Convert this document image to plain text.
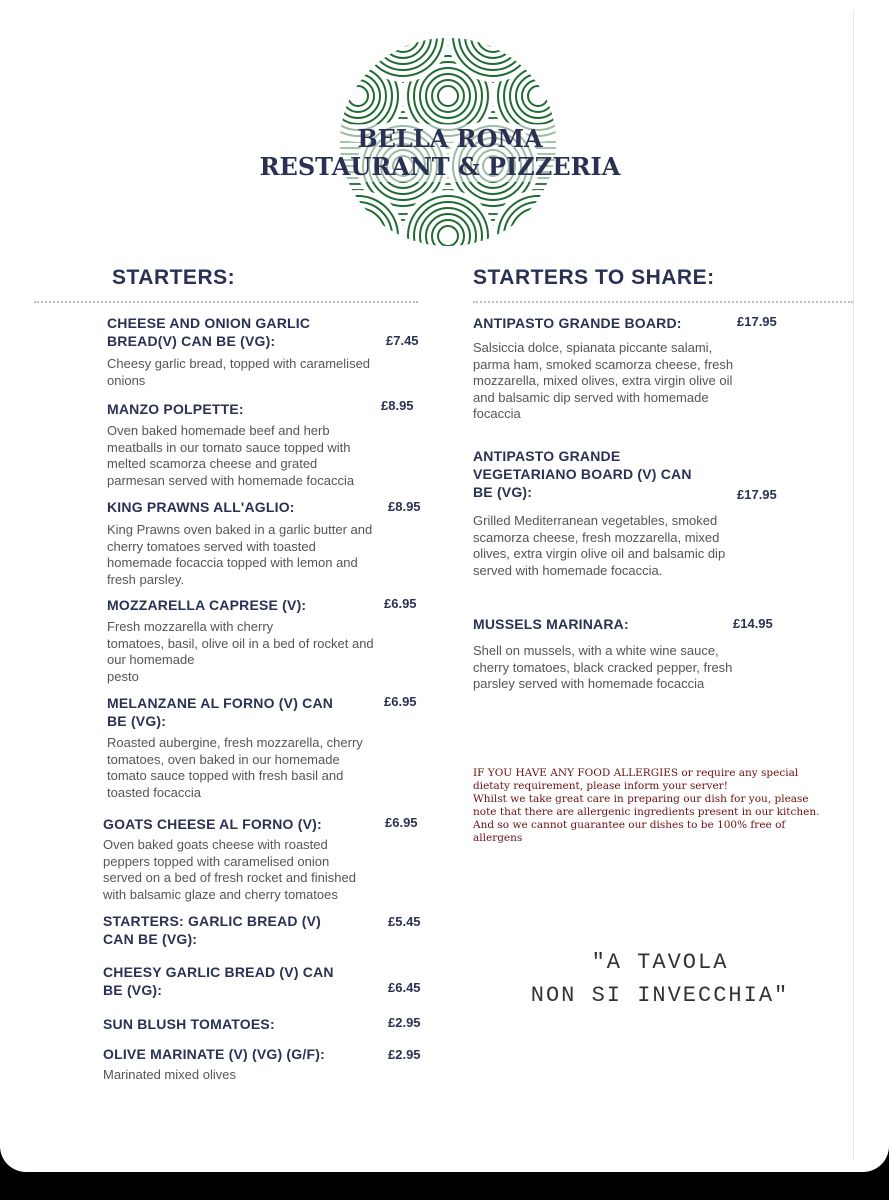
BELLA ROMA
RESTAURANT & PIZZERIA
STARTERS:	STARTERS TO SHARE:
CHEESE AND ONION GARLIC
BREAD(V) CAN BE (VG):	£7.45
Cheesy garlic bread, topped with caramelised
onions
MANZO POLPETTE:	£8.95
Oven baked homemade beef and herb
meatballs in our tomato sauce topped with
melted scamorza cheese and grated
parmesan served with homemade focaccia
KING PRAWNS ALL'AGLIO:	£8.95
King Prawns oven baked in a garlic butter and
cherry tomatoes served with toasted
homemade focaccia topped with lemon and
fresh parsley.
MOZZARELLA CAPRESE (V):	£6.95
Fresh mozzarella with cherry
tomatoes, basil, olive oil in a bed of rocket and
our homemade
pesto
MELANZANE AL FORNO (V) CAN
BE (VG):
£6.95
Roasted aubergine, fresh mozzarella, cherry
tomatoes, oven baked in our homemade
tomato sauce topped with fresh basil and
toasted focaccia
GOATS CHEESE AL FORNO (V):	£6.95
Oven baked goats cheese with roasted
peppers topped with caramelised onion
served on a bed of fresh rocket and finished
with balsamic glaze and cherry tomatoes
STARTERS: GARLIC BREAD (V)
CAN BE (VG):
£5.45
CHEESY GARLIC BREAD (V) CAN
BE (VG):	£6.45
SUN BLUSH TOMATOES:	£2.95
OLIVE MARINATE (V) (VG) (G/F):	£2.95
Marinated mixed olives
ANTIPASTO GRANDE BOARD:	£17.95
Salsiccia dolce, spianata piccante salami,
parma ham, smoked scamorza cheese, fresh
mozzarella, mixed olives, extra virgin olive oil
and balsamic dip served with homemade
focaccia
ANTIPASTO GRANDE
VEGETARIANO BOARD (V) CAN
BE (VG):	£17.95
Grilled Mediterranean vegetables, smoked
scamorza cheese, fresh mozzarella, mixed
olives, extra virgin olive oil and balsamic dip
served with homemade focaccia.
MUSSELS MARINARA:	£14.95
Shell on mussels, with a white wine sauce,
cherry tomatoes, black cracked pepper, fresh
parsley served with homemade focaccia
IF YOU HAVE ANY FOOD ALLERGIES or require any special
dietaty requirement, please inform your server!
Whilst we take great care in preparing our dish for you, please
note that there are allergenic ingredients present in our kitchen.
And so we cannot guarantee our dishes to be 100% free of
allergens
"A TAVOLA
NON SI INVECCHIA"
